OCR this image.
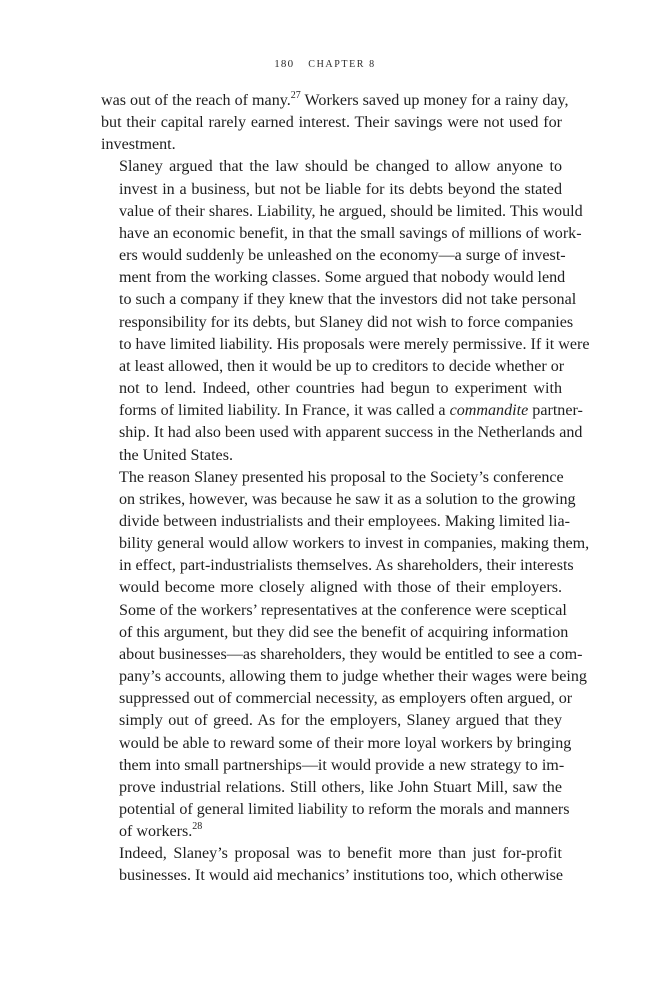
180 CHAPTER 8

was out of the reach of many.$^{27}$ Workers saved up money for a rainy day,
but their capital rarely earned interest. Their savings were not used for
investment.

Slaney argued that the law should be changed to allow anyone to
invest in a business, but not be liable for its debts beyond the stated
value of their shares. Liability, he argued, should be limited. This would
have an economic benefit, in that the small savings of millions of work-
ers would suddenly be unleashed on the economy—a surge of invest-
ment from the working classes. Some argued that nobody would lend
to such a company if they knew that the investors did not take personal
responsibility for its debts, but Slaney did not wish to force companies
to have limited liability. His proposals were merely permissive. If it were
at least allowed, then it would be up to creditors to decide whether or
not to lend. Indeed, other countries had begun to experiment with
forms of limited liability. In France, it was called a commandite partner-
ship. It had also been used with apparent success in the Netherlands and
the United States.

The reason Slaney presented his proposal to the Society’s conference
on strikes, however, was because he saw it as a solution to the growing
divide between industrialists and their employees. Making limited lia-
bility general would allow workers to invest in companies, making them,
in effect, part-industrialists themselves. As shareholders, their interests
would become more closely aligned with those of their employers.
Some of the workers’ representatives at the conference were sceptical
of this argument, but they did see the benefit of acquiring information
about businesses—as shareholders, they would be entitled to see a com-
pany’s accounts, allowing them to judge whether their wages were being
suppressed out of commercial necessity, as employers often argued, or
simply out of greed. As for the employers, Slaney argued that they
would be able to reward some of their more loyal workers by bringing
them into small partnerships—it would provide a new strategy to im-
prove industrial relations. Still others, like John Stuart Mill, saw the
potential of general limited liability to reform the morals and manners
of workers.$^{28}$

Indeed, Slaney’s proposal was to benefit more than just for-profit
businesses. It would aid mechanics’ institutions too, which otherwise
